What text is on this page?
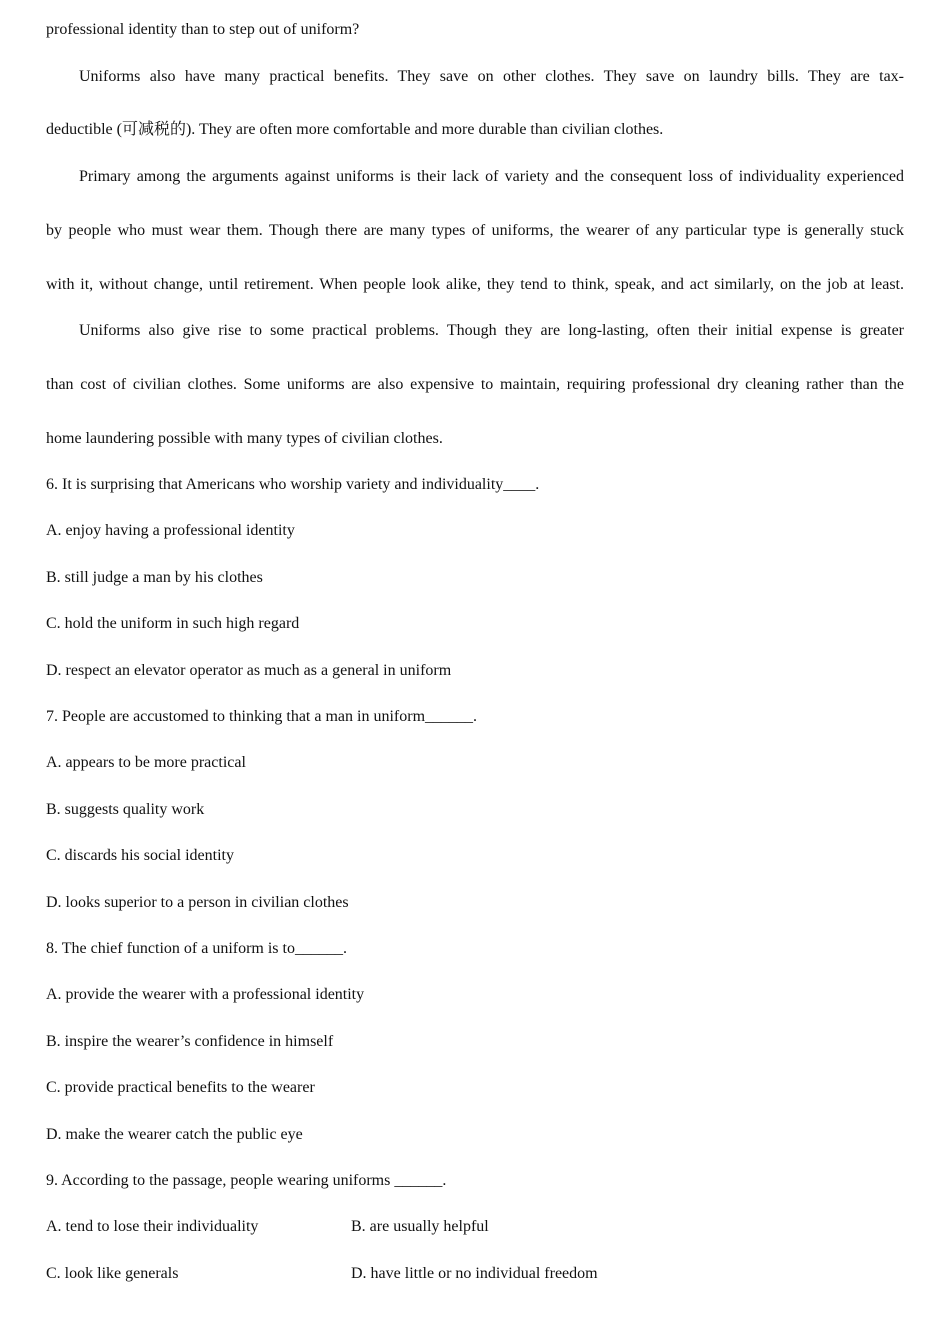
professional identity than to step out of uniform?
Uniforms also have many practical benefits. They save on other clothes. They save on laundry bills. They are tax-
deductible (可减税的). They are often more comfortable and more durable than civilian clothes.
Primary among the arguments against uniforms is their lack of variety and the consequent loss of individuality experienced
by people who must wear them. Though there are many types of uniforms, the wearer of any particular type is generally stuck
with it, without change, until retirement. When people look alike, they tend to think, speak, and act similarly, on the job at least.
Uniforms also give rise to some practical problems. Though they are long-lasting, often their initial expense is greater
than cost of civilian clothes. Some uniforms are also expensive to maintain, requiring professional dry cleaning rather than the
home laundering possible with many types of civilian clothes.
6. It is surprising that Americans who worship variety and individuality____.
A. enjoy having a professional identity
B. still judge a man by his clothes
C. hold the uniform in such high regard
D. respect an elevator operator as much as a general in uniform
7. People are accustomed to thinking that a man in uniform______.
A. appears to be more practical
B. suggests quality work
C. discards his social identity
D. looks superior to a person in civilian clothes
8. The chief function of a uniform is to______.
A. provide the wearer with a professional identity
B. inspire the wearer’s confidence in himself
C. provide practical benefits to the wearer
D. make the wearer catch the public eye
9. According to the passage, people wearing uniforms ______.
A. tend to lose their individuality	B. are usually helpful
C. look like generals	D. have little or no individual freedom
